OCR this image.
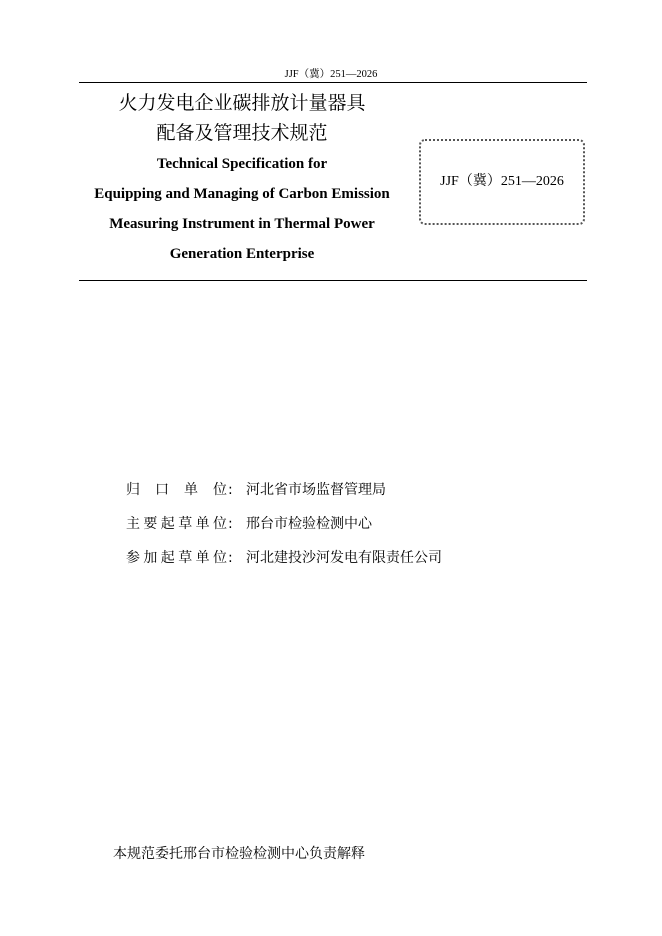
JJF（冀）251—2026
火力发电企业碳排放计量器具
配备及管理技术规范
Technical Specification for
Equipping and Managing of Carbon Emission
Measuring Instrument in Thermal Power
Generation Enterprise
JJF（冀）251—2026
归口单位 : 河北省市场监督管理局
主要起草单位 : 邢台市检验检测中心
参加起草单位 : 河北建投沙河发电有限责任公司
本规范委托邢台市检验检测中心负责解释
